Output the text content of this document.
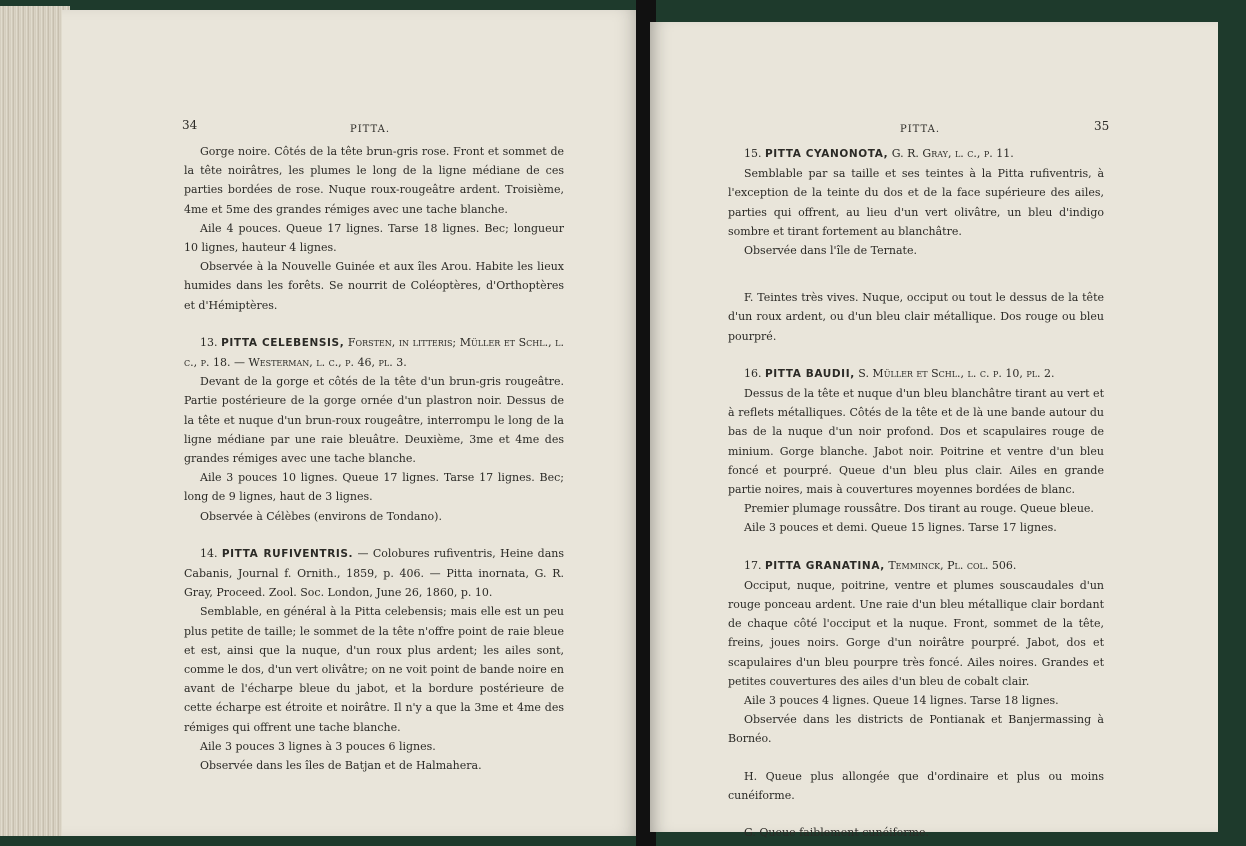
34	PITTA.

Gorge noire. Côtés de la tête brun-gris rose. Front et sommet de la tête noirâtres, les plumes le long de la ligne médiane de ces parties bordées de rose. Nuque roux-rougeâtre ardent. Troisième, 4me et 5me des grandes rémiges avec une tache blanche.

Aile 4 pouces. Queue 17 lignes. Tarse 18 lignes. Bec; longueur 10 lignes, hauteur 4 lignes.

Observée à la Nouvelle Guinée et aux îles Arou. Habite les lieux humides dans les forêts. Se nourrit de Coléoptères, d'Orthoptères et d'Hémiptères.

13. PITTA CELEBENSIS, Forsten, in litteris; Müller et Schl., l. c., p. 18. — Westerman, l. c., p. 46, pl. 3.

Devant de la gorge et côtés de la tête d'un brun-gris rougeâtre. Partie postérieure de la gorge ornée d'un plastron noir. Dessus de la tête et nuque d'un brun-roux rougeâtre, interrompu le long de la ligne médiane par une raie bleuâtre. Deuxième, 3me et 4me des grandes rémiges avec une tache blanche.

Aile 3 pouces 10 lignes. Queue 17 lignes. Tarse 17 lignes. Bec; long de 9 lignes, haut de 3 lignes.

Observée à Célèbes (environs de Tondano).

14. PITTA RUFIVENTRIS. — Colobures rufiventris, Heine dans Cabanis, Journal f. Ornith., 1859, p. 406. — Pitta inornata, G. R. Gray, Proceed. Zool. Soc. London, June 26, 1860, p. 10.

Semblable, en général à la Pitta celebensis; mais elle est un peu plus petite de taille; le sommet de la tête n'offre point de raie bleue et est, ainsi que la nuque, d'un roux plus ardent; les ailes sont, comme le dos, d'un vert olivâtre; on ne voit point de bande noire en avant de l'écharpe bleue du jabot, et la bordure postérieure de cette écharpe est étroite et noirâtre. Il n'y a que la 3me et 4me des rémiges qui offrent une tache blanche.

Aile 3 pouces 3 lignes à 3 pouces 6 lignes.

Observée dans les îles de Batjan et de Halmahera.

PITTA.	35

15. PITTA CYANONOTA, G. R. Gray, l. c., p. 11.

Semblable par sa taille et ses teintes à la Pitta rufiventris, à l'exception de la teinte du dos et de la face supérieure des ailes, parties qui offrent, au lieu d'un vert olivâtre, un bleu d'indigo sombre et tirant fortement au blanchâtre.

Observée dans l'île de Ternate.

F. Teintes très vives. Nuque, occiput ou tout le dessus de la tête d'un roux ardent, ou d'un bleu clair métallique. Dos rouge ou bleu pourpré.

16. PITTA BAUDII, S. Müller et Schl., l. c. p. 10, pl. 2.

Dessus de la tête et nuque d'un bleu blanchâtre tirant au vert et à reflets métalliques. Côtés de la tête et de là une bande autour du bas de la nuque d'un noir profond. Dos et scapulaires rouge de minium. Gorge blanche. Jabot noir. Poitrine et ventre d'un bleu foncé et pourpré. Queue d'un bleu plus clair. Ailes en grande partie noires, mais à couvertures moyennes bordées de blanc.

Premier plumage roussâtre. Dos tirant au rouge. Queue bleue.

Aile 3 pouces et demi. Queue 15 lignes. Tarse 17 lignes.

17. PITTA GRANATINA, Temminck, Pl. col. 506.

Occiput, nuque, poitrine, ventre et plumes souscaudales d'un rouge ponceau ardent. Une raie d'un bleu métallique clair bordant de chaque côté l'occiput et la nuque. Front, sommet de la tête, freins, joues noirs. Gorge d'un noirâtre pourpré. Jabot, dos et scapulaires d'un bleu pourpre très foncé. Ailes noires. Grandes et petites couvertures des ailes d'un bleu de cobalt clair.

Aile 3 pouces 4 lignes. Queue 14 lignes. Tarse 18 lignes.

Observée dans les districts de Pontianak et Banjermassing à Bornéo.

H. Queue plus allongée que d'ordinaire et plus ou moins cunéiforme.

G. Queue faiblement cunéiforme.
